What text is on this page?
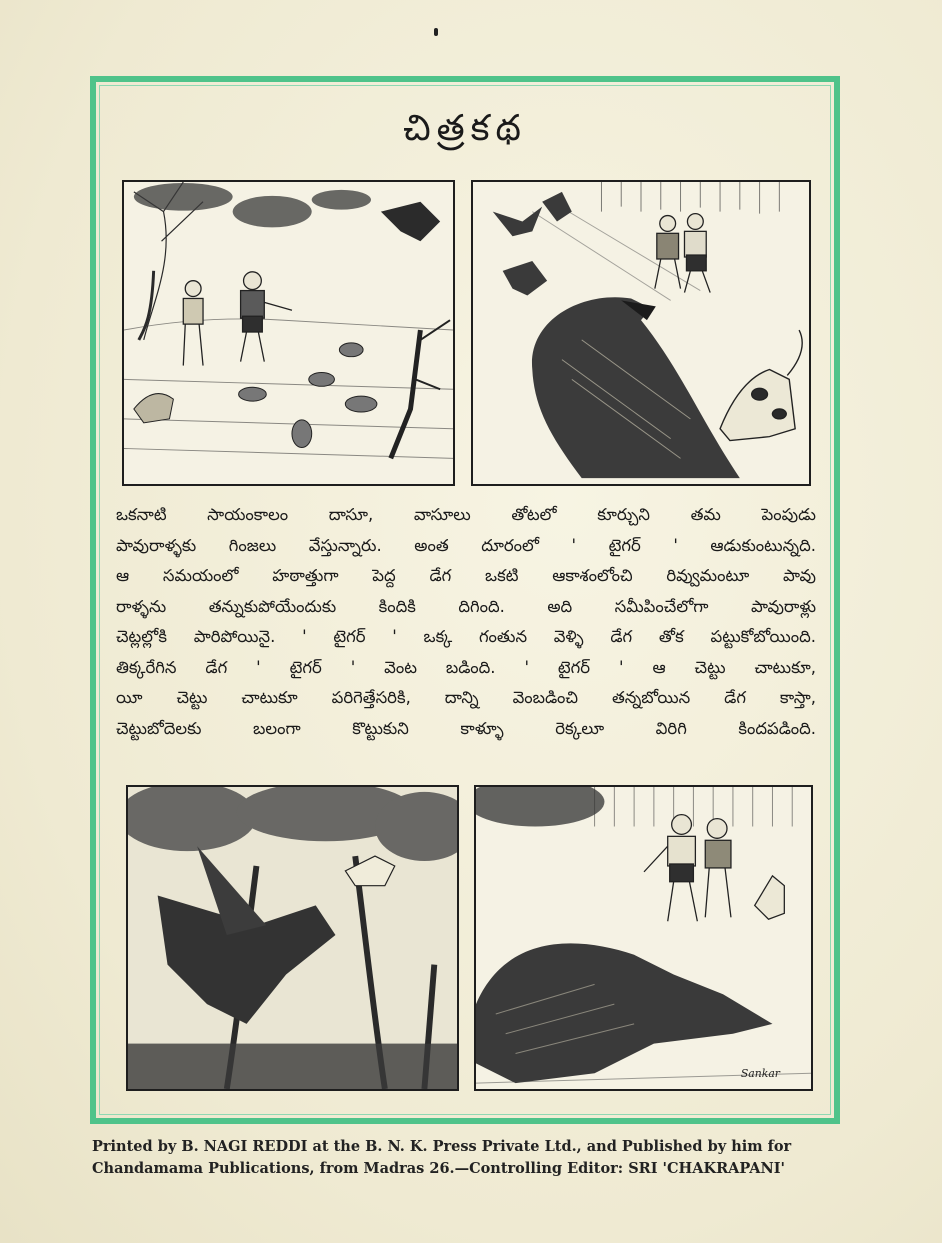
చిత్రకథ
ఒకనాటి సాయంకాలం దాసూ, వాసూలు తోటలో కూర్చుని తమ పెంపుడు
పావురాళ్ళకు గింజలు వేస్తున్నారు. అంత దూరంలో ' టైగర్ ' ఆడుకుంటున్నది.
ఆ సమయంలో హఠాత్తుగా పెద్ద డేగ ఒకటి ఆకాశంలోంచి రివ్వుమంటూ పావు
రాళ్ళను తన్నుకుపోయేందుకు కిందికి దిగింది. అది సమీపించేలోగా పావురాళ్లు
చెట్లల్లోకి పారిపోయినై. ' టైగర్ ' ఒక్క గంతున వెళ్ళి డేగ తోక పట్టుకోబోయింది.
తిక్కరేగిన డేగ ' టైగర్ ' వెంట బడింది. ' టైగర్ ' ఆ చెట్టు చాటుకూ,
యీ చెట్టు చాటుకూ పరిగెత్తేసరికి, దాన్ని వెంబడించి తన్నబోయిన డేగ కాస్తా,
చెట్టుబోదెలకు బలంగా కొట్టుకుని కాళ్ళూ రెక్కలూ విరిగి కిందపడింది.
Sankar
Printed by B. NAGI REDDI at the B. N. K. Press Private Ltd., and Published by him for
Chandamama Publications, from Madras 26.—Controlling Editor: SRI 'CHAKRAPANI'
